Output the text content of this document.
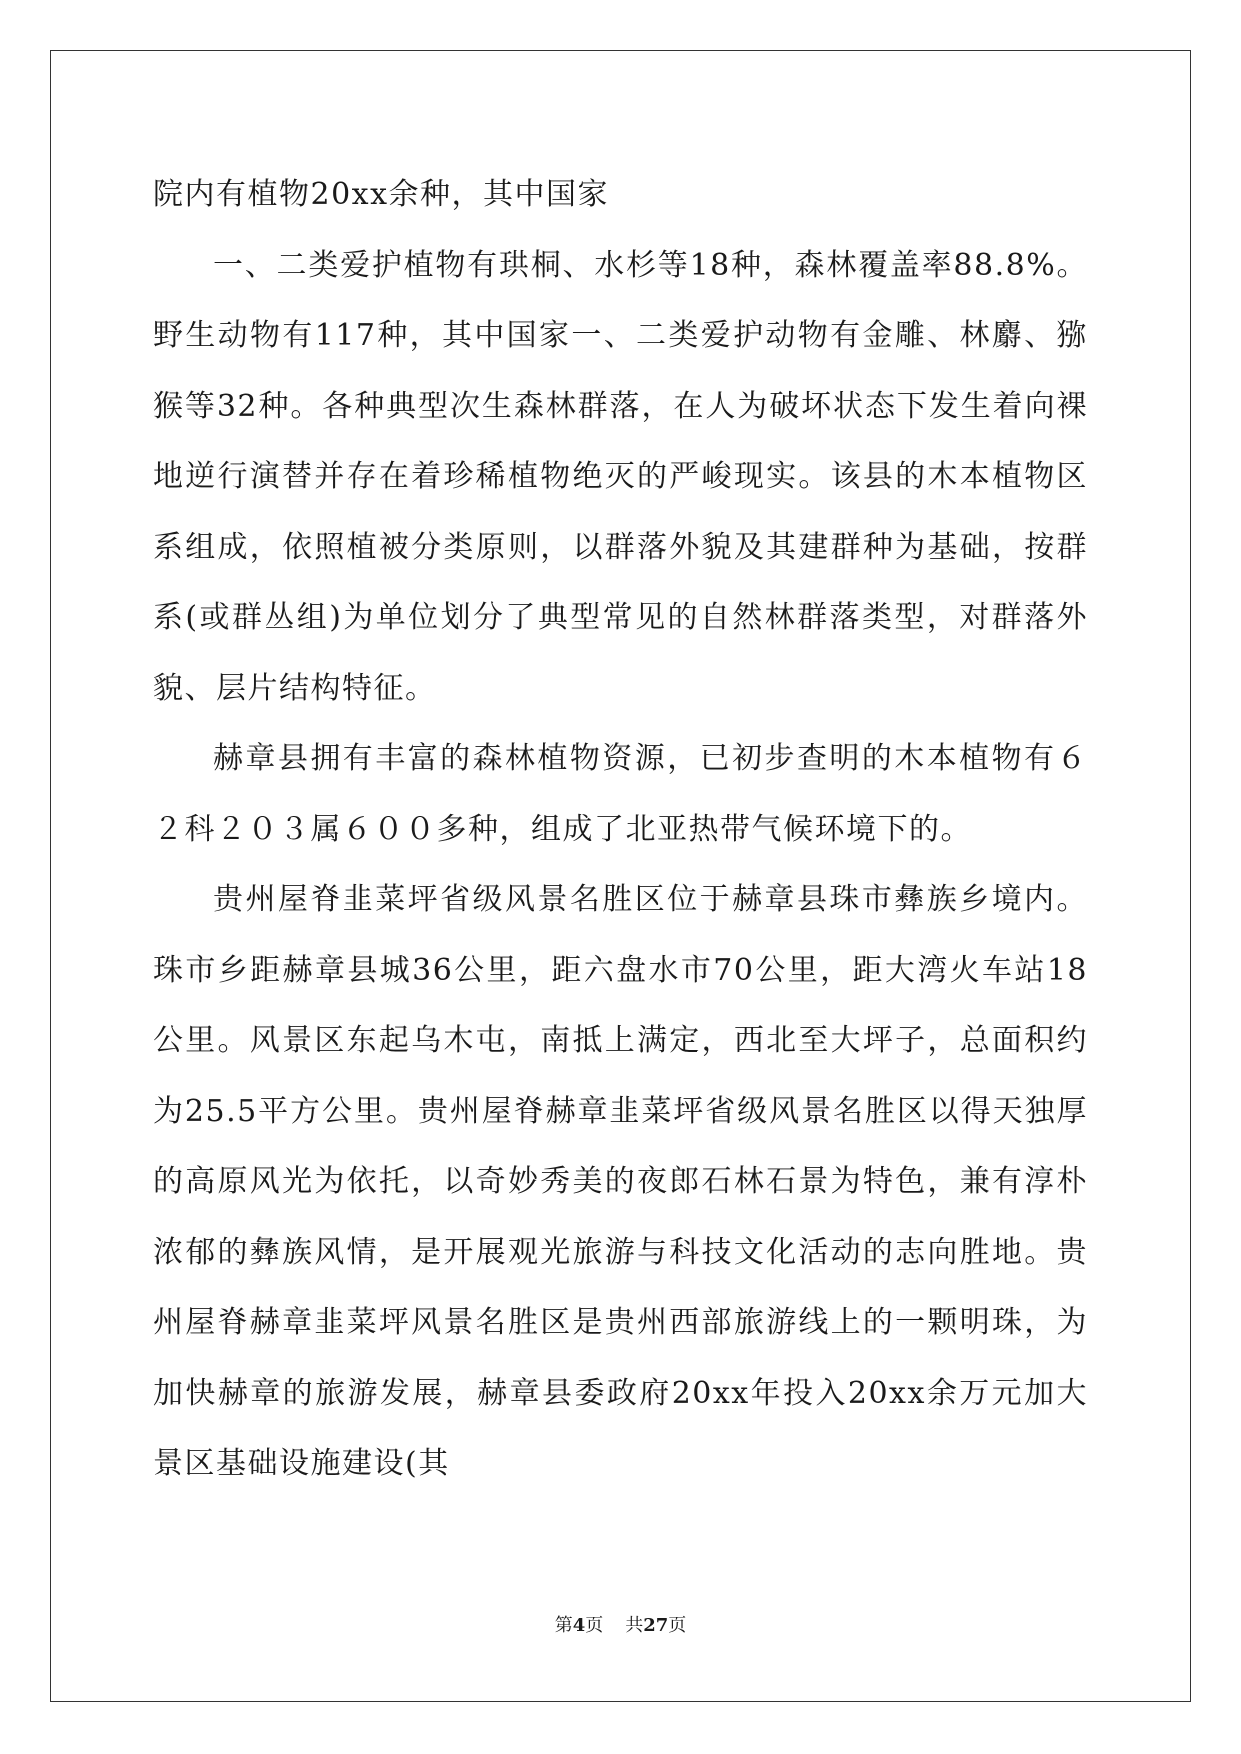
院内有植物20xx余种，其中国家

一、二类爱护植物有珙桐、水杉等18种，森林覆盖率88.8%。野生动物有117种，其中国家一、二类爱护动物有金雕、林麝、猕猴等32种。各种典型次生森林群落，在人为破坏状态下发生着向裸地逆行演替并存在着珍稀植物绝灭的严峻现实。该县的木本植物区系组成，依照植被分类原则，以群落外貌及其建群种为基础，按群系(或群丛组)为单位划分了典型常见的自然林群落类型，对群落外貌、层片结构特征。

赫章县拥有丰富的森林植物资源，已初步查明的木本植物有６２科２０３属６００多种，组成了北亚热带气候环境下的。

贵州屋脊韭菜坪省级风景名胜区位于赫章县珠市彝族乡境内。珠市乡距赫章县城36公里，距六盘水市70公里，距大湾火车站18公里。风景区东起乌木屯，南抵上满定，西北至大坪子，总面积约为25.5平方公里。贵州屋脊赫章韭菜坪省级风景名胜区以得天独厚的高原风光为依托，以奇妙秀美的夜郎石林石景为特色，兼有淳朴浓郁的彝族风情，是开展观光旅游与科技文化活动的志向胜地。贵州屋脊赫章韭菜坪风景名胜区是贵州西部旅游线上的一颗明珠，为加快赫章的旅游发展，赫章县委政府20xx年投入20xx余万元加大景区基础设施建设(其

第4页 共27页
